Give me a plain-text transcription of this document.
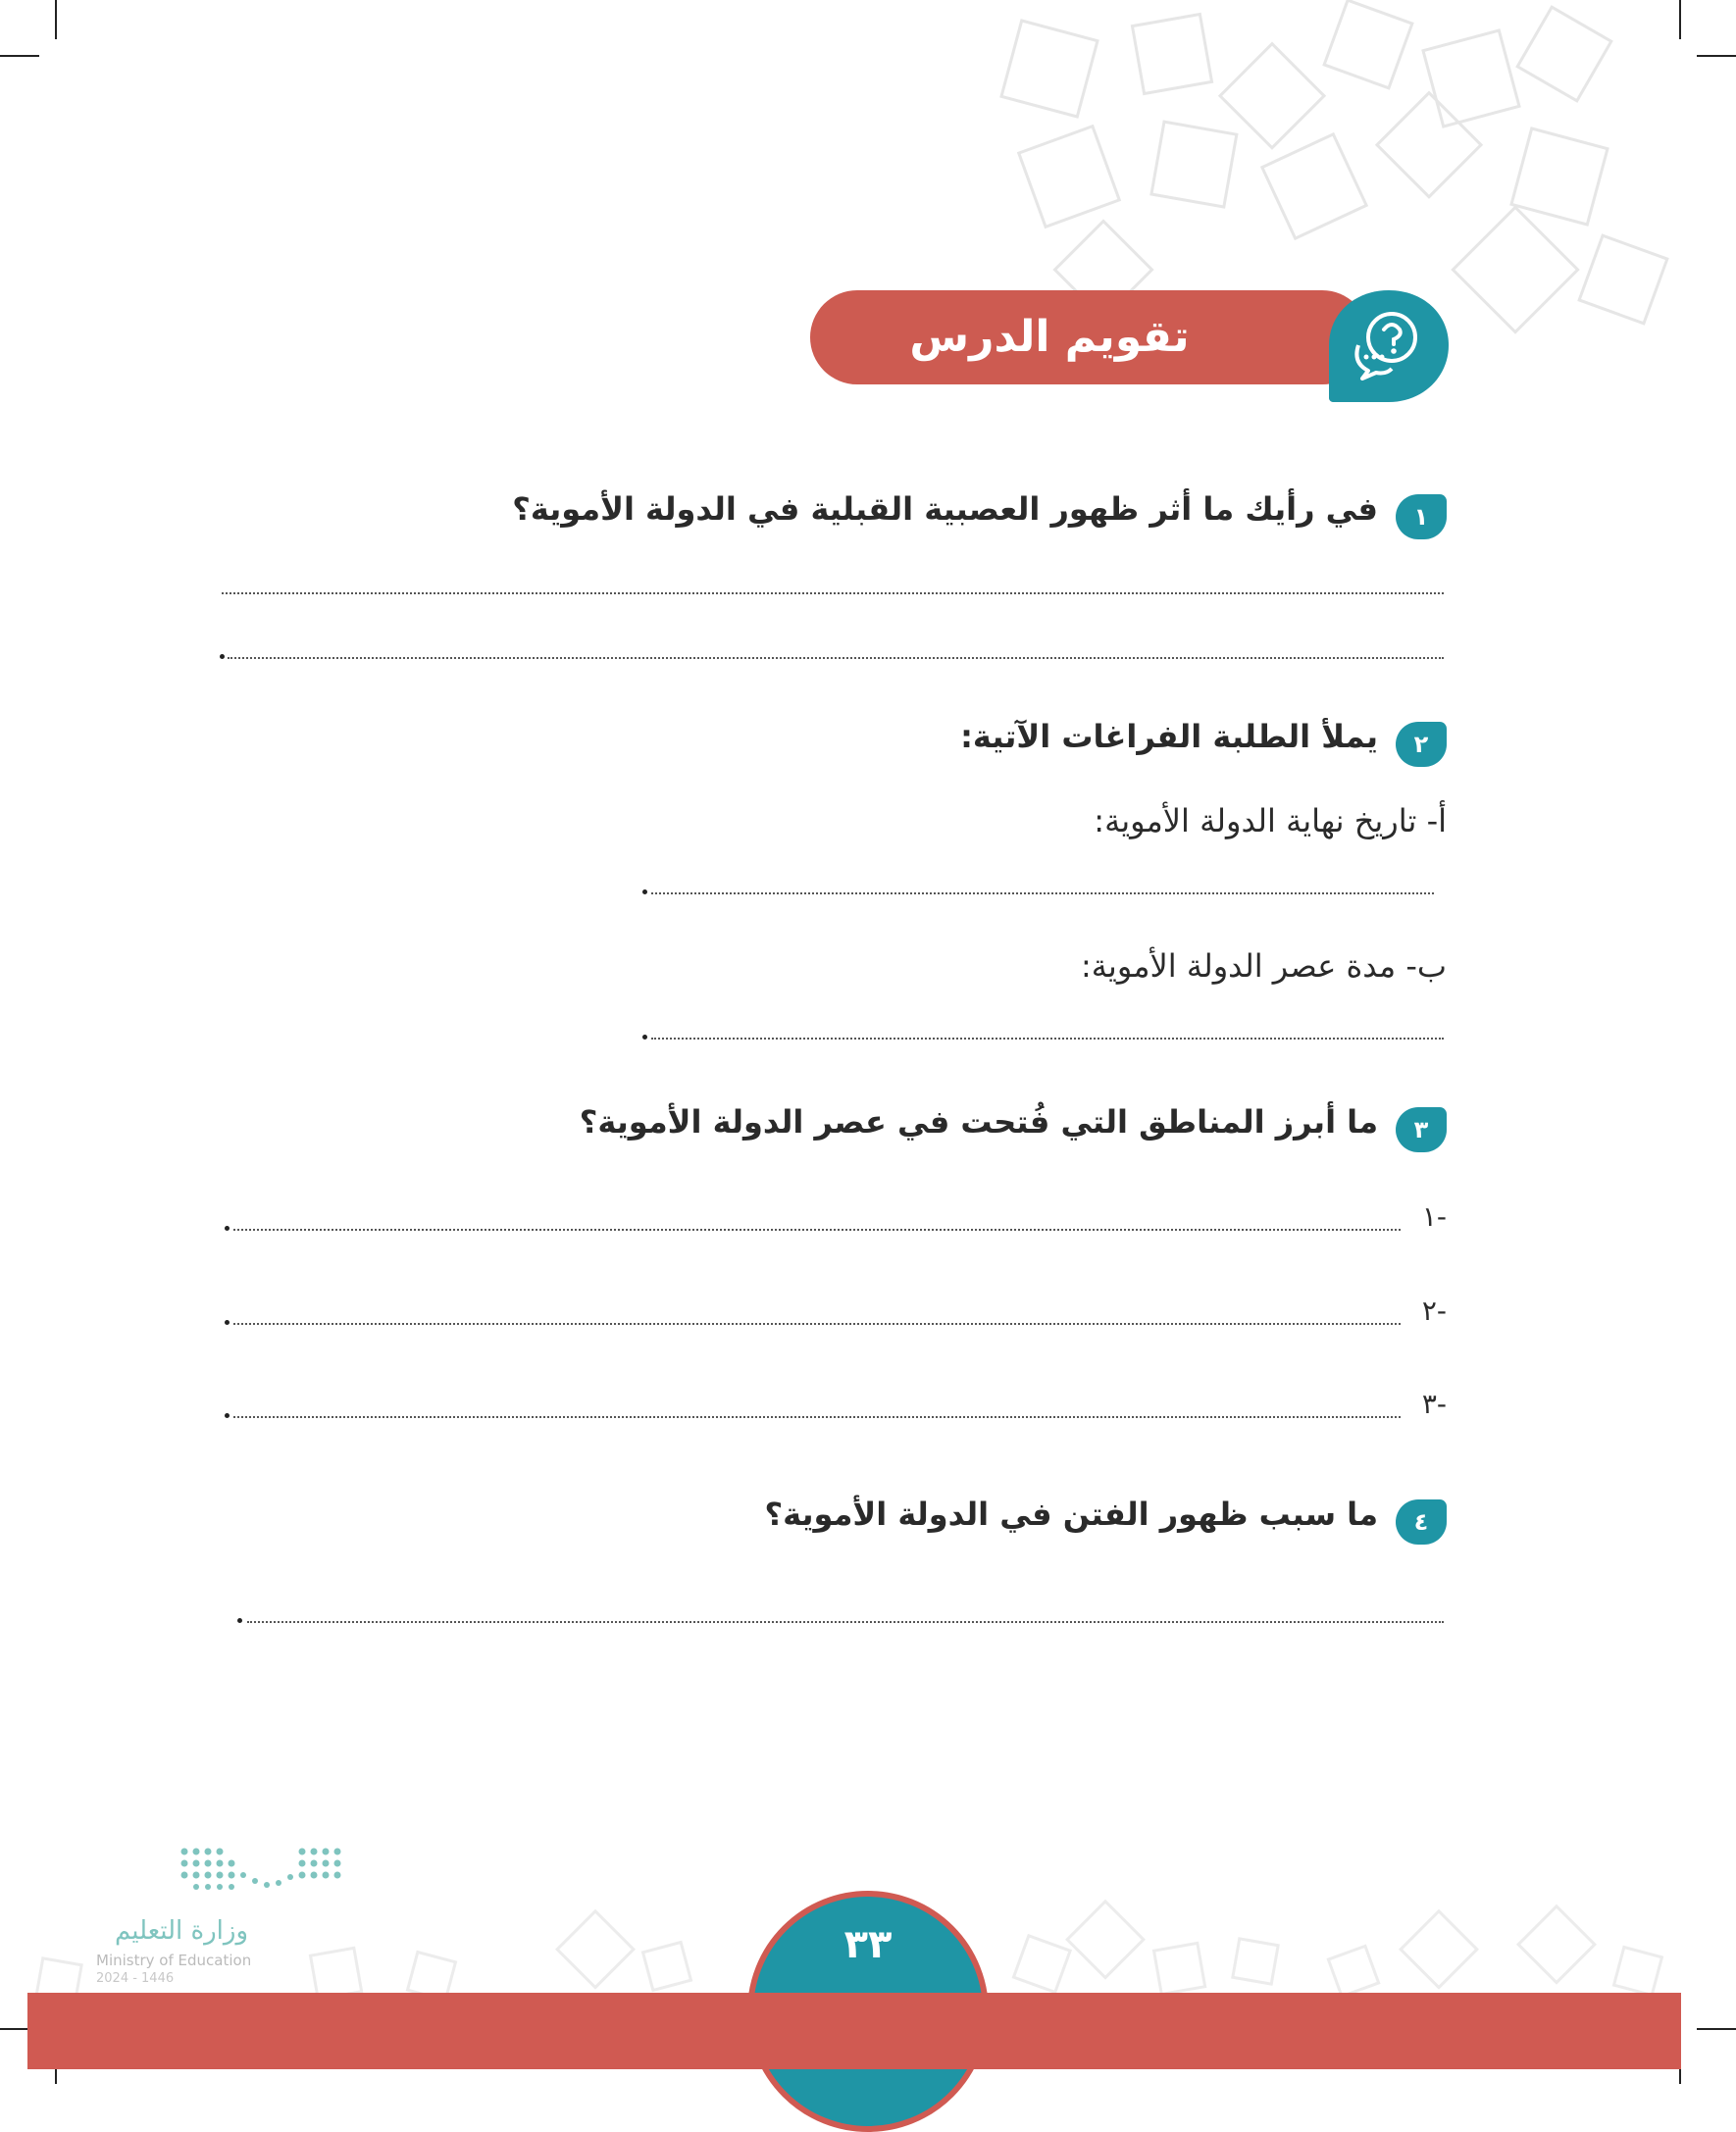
تقويم الدرس الثالث
١
في رأيك ما أثر ظهور العصبية القبلية في الدولة الأموية؟
٢
يملأ الطلبة الفراغات الآتية:
أ- تاريخ نهاية الدولة الأموية:
ب- مدة عصر الدولة الأموية:
٣
ما أبرز المناطق التي فُتحت في عصر الدولة الأموية؟
-١
-٢
-٣
٤
ما سبب ظهور الفتن في الدولة الأموية؟
وزارة التعليم
Ministry of Education
2024 - 1446
٣٣
